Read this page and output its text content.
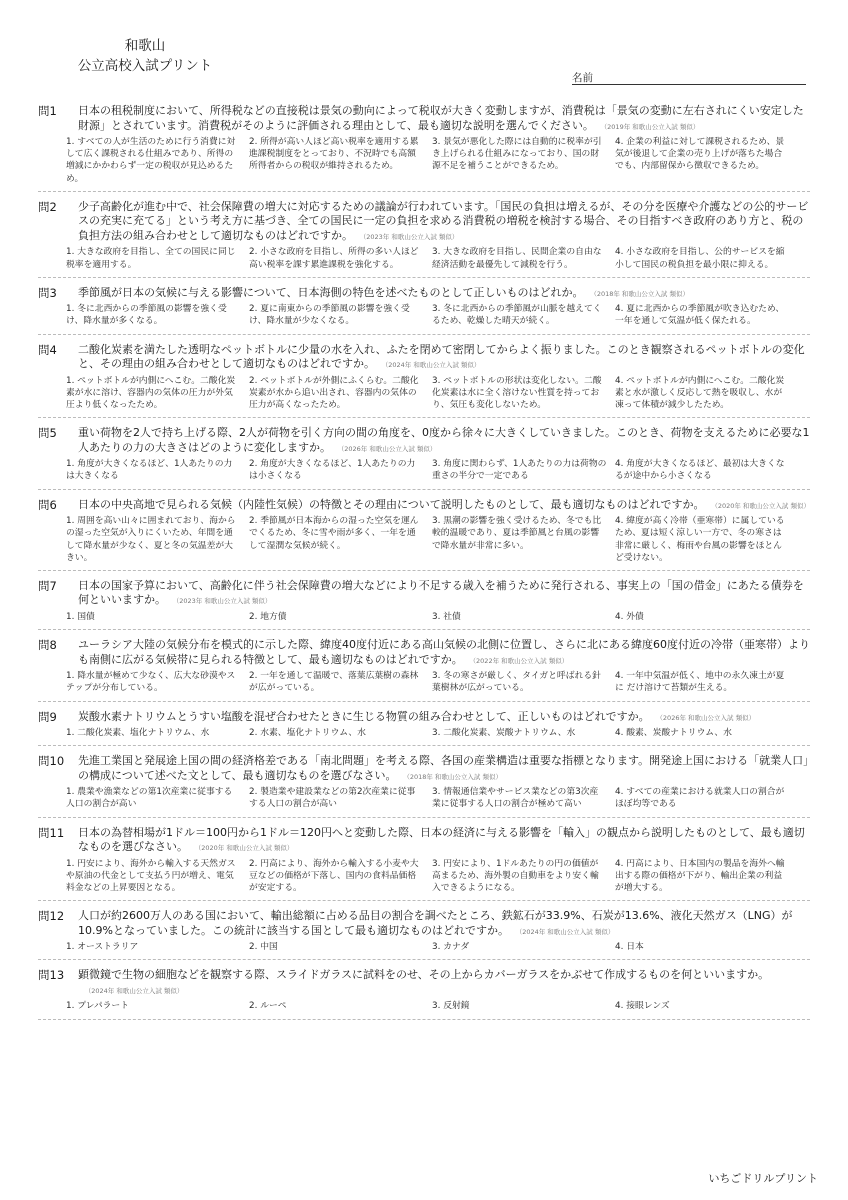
和歌山
公立高校入試プリント
名前
問1	日本の租税制度において、所得税などの直接税は景気の動向によって税収が大きく変動しますが、消費税は「景気の変動に左右されにくい安定した財源」とされています。消費税がそのように評価される理由として、最も適切な説明を選んでください。 （2019年 和歌山公立入試 類似）
1. すべての人が生活のために行う消費に対して広く課税される仕組みであり、所得の増減にかかわらず一定の税収が見込めるため。
2. 所得が高い人ほど高い税率を適用する累進課税制度をとっており、不況時でも高額所得者からの税収が維持されるため。
3. 景気が悪化した際には自動的に税率が引き上げられる仕組みになっており、国の財源不足を補うことができるため。
4. 企業の利益に対して課税されるため、景気が後退して企業の売り上げが落ちた場合でも、内部留保から徴収できるため。
問2	少子高齢化が進む中で、社会保障費の増大に対応するための議論が行われています。「国民の負担は増えるが、その分を医療や介護などの公的サービスの充実に充てる」という考え方に基づき、全ての国民に一定の負担を求める消費税の増税を検討する場合、その目指すべき政府のあり方と、税の負担方法の組み合わせとして適切なものはどれですか。 （2023年 和歌山公立入試 類似）
1. 大きな政府を目指し、全ての国民に同じ税率を適用する。
2. 小さな政府を目指し、所得の多い人ほど高い税率を課す累進課税を強化する。
3. 大きな政府を目指し、民間企業の自由な経済活動を最優先して減税を行う。
4. 小さな政府を目指し、公的サービスを縮小して国民の税負担を最小限に抑える。
問3	季節風が日本の気候に与える影響について、日本海側の特色を述べたものとして正しいものはどれか。 （2018年 和歌山公立入試 類似）
1. 冬に北西からの季節風の影響を強く受け、降水量が多くなる。
2. 夏に南東からの季節風の影響を強く受け、降水量が少なくなる。
3. 冬に北西からの季節風が山脈を越えてくるため、乾燥した晴天が続く。
4. 夏に北西からの季節風が吹き込むため、一年を通して気温が低く保たれる。
問4	二酸化炭素を満たした透明なペットボトルに少量の水を入れ、ふたを閉めて密閉してからよく振りました。このとき観察されるペットボトルの変化と、その理由の組み合わせとして適切なものはどれですか。 （2024年 和歌山公立入試 類似）
1. ペットボトルが内側にへこむ。二酸化炭素が水に溶け、容器内の気体の圧力が外気圧より低くなったため。
2. ペットボトルが外側にふくらむ。二酸化炭素が水から追い出され、容器内の気体の圧力が高くなったため。
3. ペットボトルの形状は変化しない。二酸化炭素は水に全く溶けない性質を持っており、気圧も変化しないため。
4. ペットボトルが内側にへこむ。二酸化炭素と水が激しく反応して熱を吸収し、水が凍って体積が減少したため。
問5	重い荷物を2人で持ち上げる際、2人が荷物を引く方向の間の角度を、0度から徐々に大きくしていきました。このとき、荷物を支えるために必要な1人あたりの力の大きさはどのように変化しますか。 （2026年 和歌山公立入試 類似）
1. 角度が大きくなるほど、1人あたりの力は大きくなる
2. 角度が大きくなるほど、1人あたりの力は小さくなる
3. 角度に関わらず、1人あたりの力は荷物の重さの半分で一定である
4. 角度が大きくなるほど、最初は大きくなるが途中から小さくなる
問6	日本の中央高地で見られる気候（内陸性気候）の特徴とその理由について説明したものとして、最も適切なものはどれですか。 （2020年 和歌山公立入試 類似）
1. 周囲を高い山々に囲まれており、海からの湿った空気が入りにくいため、年間を通して降水量が少なく、夏と冬の気温差が大きい。
2. 季節風が日本海からの湿った空気を運んでくるため、冬に雪や雨が多く、一年を通して湿潤な気候が続く。
3. 黒潮の影響を強く受けるため、冬でも比較的温暖であり、夏は季節風と台風の影響で降水量が非常に多い。
4. 緯度が高く冷帯（亜寒帯）に属しているため、夏は短く涼しい一方で、冬の寒さは非常に厳しく、梅雨や台風の影響をほとんど受けない。
問7	日本の国家予算において、高齢化に伴う社会保障費の増大などにより不足する歳入を補うために発行される、事実上の「国の借金」にあたる債券を何といいますか。 （2023年 和歌山公立入試 類似）
1. 国債	2. 地方債	3. 社債	4. 外債
問8	ユーラシア大陸の気候分布を模式的に示した際、緯度40度付近にある高山気候の北側に位置し、さらに北にある緯度60度付近の冷帯（亜寒帯）よりも南側に広がる気候帯に見られる特徴として、最も適切なものはどれですか。 （2022年 和歌山公立入試 類似）
1. 降水量が極めて少なく、広大な砂漠やステップが分布している。
2. 一年を通して温暖で、落葉広葉樹の森林が広がっている。
3. 冬の寒さが厳しく、タイガと呼ばれる針葉樹林が広がっている。
4. 一年中気温が低く、地中の永久凍土が夏に だけ溶けて苔類が生える。
問9	炭酸水素ナトリウムとうすい塩酸を混ぜ合わせたときに生じる物質の組み合わせとして、正しいものはどれですか。 （2026年 和歌山公立入試 類似）
1. 二酸化炭素、塩化ナトリウム、水	2. 水素、塩化ナトリウム、水	3. 二酸化炭素、炭酸ナトリウム、水	4. 酸素、炭酸ナトリウム、水
問10	先進工業国と発展途上国の間の経済格差である「南北問題」を考える際、各国の産業構造は重要な指標となります。開発途上国における「就業人口」の構成について述べた文として、最も適切なものを選びなさい。 （2018年 和歌山公立入試 類似）
1. 農業や漁業などの第1次産業に従事する人口の割合が高い
2. 製造業や建設業などの第2次産業に従事する人口の割合が高い
3. 情報通信業やサービス業などの第3次産業に従事する人口の割合が極めて高い
4. すべての産業における就業人口の割合がほぼ均等である
問11	日本の為替相場が1ドル＝100円から1ドル＝120円へと変動した際、日本の経済に与える影響を「輸入」の観点から説明したものとして、最も適切なものを選びなさい。 （2020年 和歌山公立入試 類似）
1. 円安により、海外から輸入する天然ガスや原油の代金として支払う円が増え、電気料金などの上昇要因となる。
2. 円高により、海外から輸入する小麦や大豆などの価格が下落し、国内の食料品価格が安定する。
3. 円安により、1ドルあたりの円の価値が高まるため、海外製の自動車をより安く輸入できるようになる。
4. 円高により、日本国内の製品を海外へ輸出する際の価格が下がり、輸出企業の利益が増大する。
問12	人口が約2600万人のある国において、輸出総額に占める品目の割合を調べたところ、鉄鉱石が33.9%、石炭が13.6%、液化天然ガス（LNG）が10.9%となっていました。この統計に該当する国として最も適切なものはどれですか。 （2024年 和歌山公立入試 類似）
1. オーストラリア	2. 中国	3. カナダ	4. 日本
問13	顕微鏡で生物の細胞などを観察する際、スライドガラスに試料をのせ、その上からカバーガラスをかぶせて作成するものを何といいますか。（2024年 和歌山公立入試 類似）
1. プレパラート	2. ルーペ	3. 反射鏡	4. 接眼レンズ
いちごドリルプリント
